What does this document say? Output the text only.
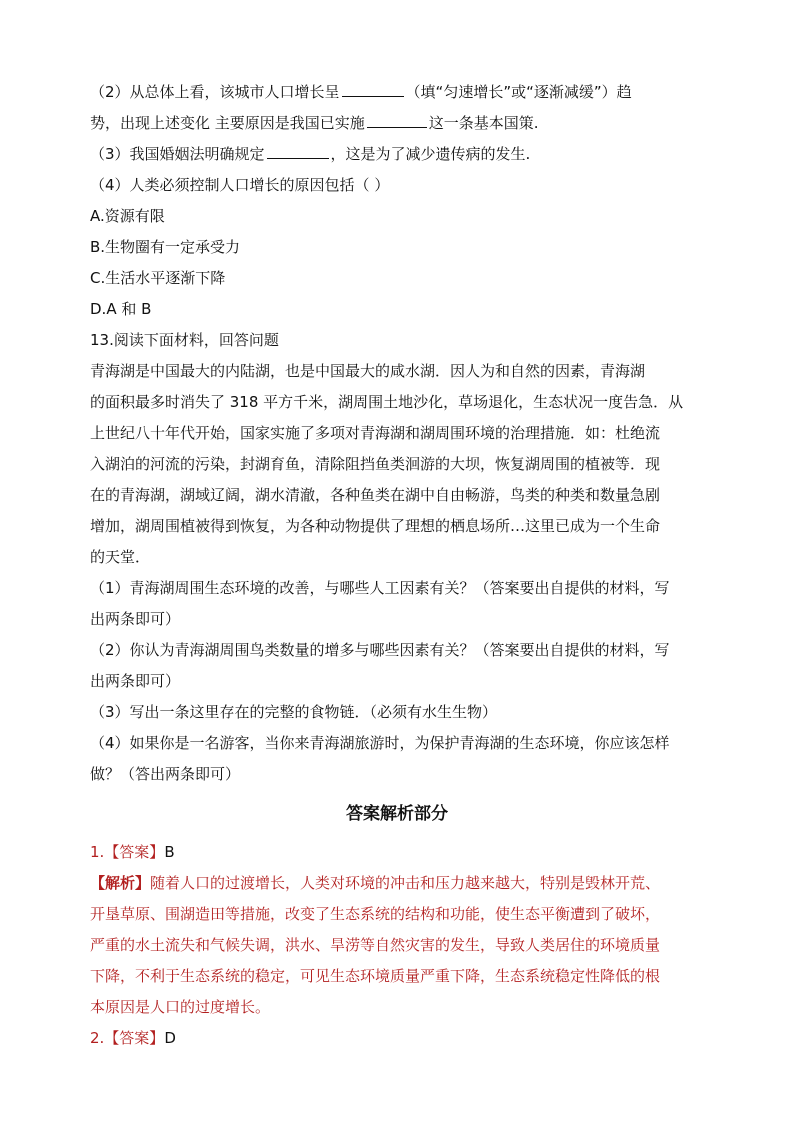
（2）从总体上看，该城市人口增长呈	（填“匀速增长”或“逐渐减缓”）趋
势，出现上述变化 主要原因是我国已实施	这一条基本国策.
（3）我国婚姻法明确规定	，这是为了减少遗传病的发生.
（4）人类必须控制人口增长的原因包括（ ）
A.资源有限
B.生物圈有一定承受力
C.生活水平逐渐下降
D.A 和 B
13.阅读下面材料，回答问题
青海湖是中国最大的内陆湖，也是中国最大的咸水湖．因人为和自然的因素，青海湖
的面积最多时消失了 318 平方千米，湖周围土地沙化，草场退化，生态状况一度告急．从
上世纪八十年代开始，国家实施了多项对青海湖和湖周围环境的治理措施．如：杜绝流
入湖泊的河流的污染，封湖育鱼，清除阻挡鱼类洄游的大坝，恢复湖周围的植被等．现
在的青海湖，湖域辽阔，湖水清澈，各种鱼类在湖中自由畅游，鸟类的种类和数量急剧
增加，湖周围植被得到恢复，为各种动物提供了理想的栖息场所…这里已成为一个生命
的天堂．
（1）青海湖周围生态环境的改善，与哪些人工因素有关？（答案要出自提供的材料，写
出两条即可）
（2）你认为青海湖周围鸟类数量的增多与哪些因素有关？（答案要出自提供的材料，写
出两条即可）
（3）写出一条这里存在的完整的食物链．（必须有水生生物）
（4）如果你是一名游客，当你来青海湖旅游时，为保护青海湖的生态环境，你应该怎样
做？（答出两条即可）
答案解析部分
1.【答案】B
【解析】随着人口的过渡增长，人类对环境的冲击和压力越来越大，特别是毁林开荒、
开垦草原、围湖造田等措施，改变了生态系统的结构和功能，使生态平衡遭到了破坏，
严重的水土流失和气候失调，洪水、旱涝等自然灾害的发生，导致人类居住的环境质量
下降，不利于生态系统的稳定，可见生态环境质量严重下降，生态系统稳定性降低的根
本原因是人口的过度增长。
2.【答案】D
